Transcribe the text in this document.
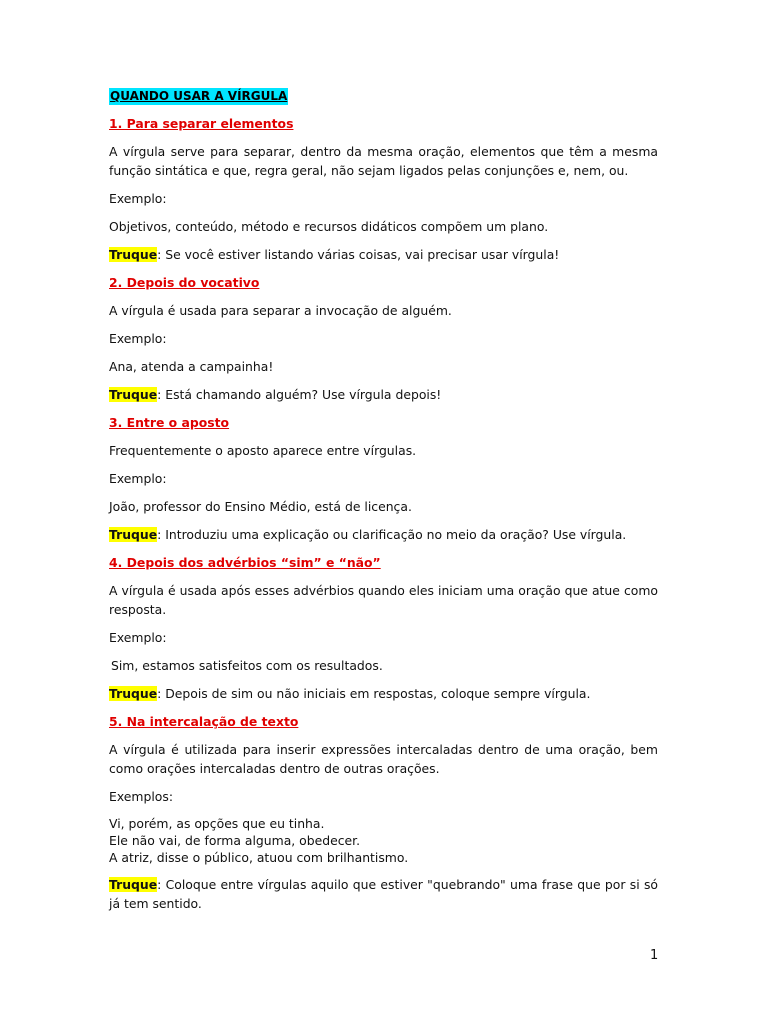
QUANDO USAR A VÍRGULA
1. Para separar elementos
A vírgula serve para separar, dentro da mesma oração, elementos que têm a mesma função sintática e que, regra geral, não sejam ligados pelas conjunções e, nem, ou.
Exemplo:
Objetivos, conteúdo, método e recursos didáticos compõem um plano.
Truque: Se você estiver listando várias coisas, vai precisar usar vírgula!
2. Depois do vocativo
A vírgula é usada para separar a invocação de alguém.
Exemplo:
Ana, atenda a campainha!
Truque: Está chamando alguém? Use vírgula depois!
3. Entre o aposto
Frequentemente o aposto aparece entre vírgulas.
Exemplo:
João, professor do Ensino Médio, está de licença.
Truque: Introduziu uma explicação ou clarificação no meio da oração? Use vírgula.
4. Depois dos advérbios “sim” e “não”
A vírgula é usada após esses advérbios quando eles iniciam uma oração que atue como resposta.
Exemplo:
Sim, estamos satisfeitos com os resultados.
Truque: Depois de sim ou não iniciais em respostas, coloque sempre vírgula.
5. Na intercalação de texto
A vírgula é utilizada para inserir expressões intercaladas dentro de uma oração, bem como orações intercaladas dentro de outras orações.
Exemplos:
Vi, porém, as opções que eu tinha.
Ele não vai, de forma alguma, obedecer.
A atriz, disse o público, atuou com brilhantismo.
Truque: Coloque entre vírgulas aquilo que estiver "quebrando" uma frase que por si só já tem sentido.
1
